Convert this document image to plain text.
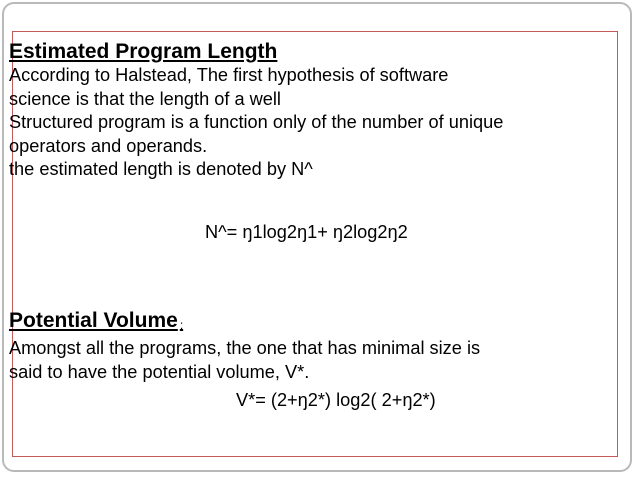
Estimated Program Length
According to Halstead, The first hypothesis of software
science is that the length of a well
Structured program is a function only of the number of unique
operators and operands.
the estimated length is denoted by N^
N^= ŋ1log2ŋ1+ ŋ2log2ŋ2
Potential Volume :
Amongst all the programs, the one that has minimal size is
said to have the potential volume, V*.
V*= (2+ŋ2*) log2( 2+ŋ2*)
